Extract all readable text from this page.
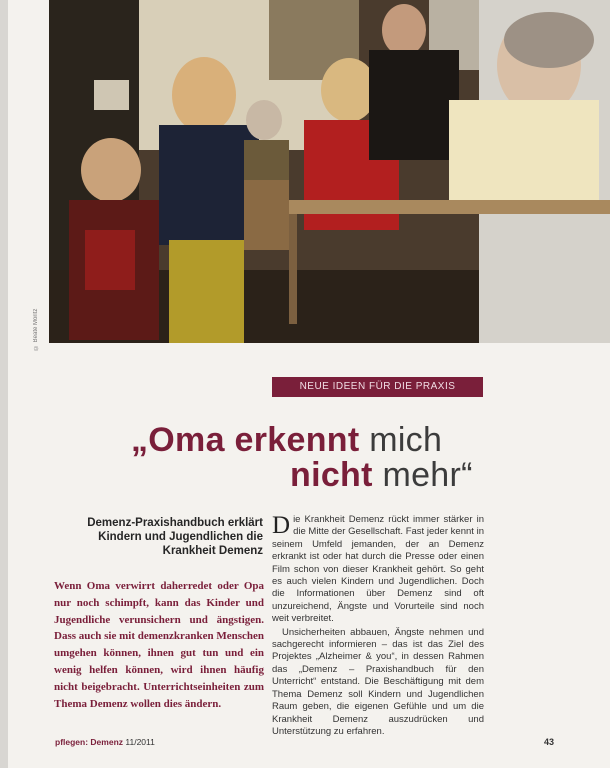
© Beate Moritz
NEUE IDEEN FÜR DIE PRAXIS
„Oma erkennt mich
nicht mehr“
Demenz-Praxishandbuch erklärt Kindern und Jugendlichen die Krankheit Demenz
Wenn Oma verwirrt daherredet oder Opa nur noch schimpft, kann das Kinder und Jugendliche verunsichern und ängstigen. Dass auch sie mit demenzkranken Menschen umgehen können, ihnen gut tun und ein wenig helfen können, wird ihnen häufig nicht beigebracht. Unterrichtseinheiten zum Thema Demenz wollen dies ändern.

Die Krankheit Demenz rückt immer stärker in die Mitte der Gesellschaft. Fast jeder kennt in seinem Umfeld jemanden, der an Demenz erkrankt ist oder hat durch die Presse oder einen Film schon von dieser Krankheit gehört. So geht es auch vielen Kindern und Jugendlichen. Doch die Informationen über Demenz sind oft unzureichend, Ängste und Vorurteile sind noch weit verbreitet.

Unsicherheiten abbauen, Ängste nehmen und sachgerecht informieren – das ist das Ziel des Projektes „Alzheimer & you“, in dessen Rahmen das „Demenz – Praxishandbuch für den Unterricht“ entstand. Die Beschäftigung mit dem Thema Demenz soll Kindern und Jugendlichen Raum geben, die eigenen Gefühle und um die Krankheit Demenz auszudrücken und Unterstützung zu erfahren.

pflegen: Demenz 11/2011	43
